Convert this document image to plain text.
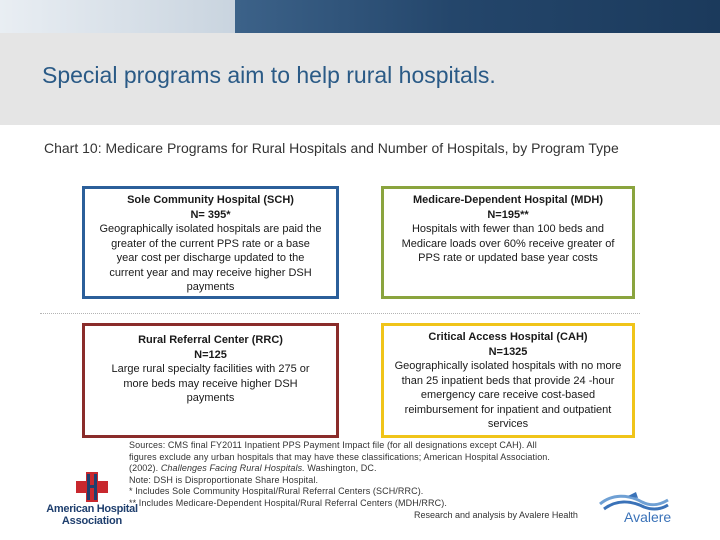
Special programs aim to help rural hospitals.
Chart 10: Medicare Programs for Rural Hospitals and Number of Hospitals, by Program Type
Sole Community Hospital (SCH)
N= 395*
Geographically isolated hospitals are paid the greater of the current PPS rate or a base year cost per discharge updated to the current year and may receive higher DSH payments
Medicare-Dependent Hospital (MDH)
N=195**
Hospitals with fewer than 100 beds and Medicare loads over 60% receive greater of PPS rate or updated base year costs
Rural Referral Center (RRC)
N=125
Large rural specialty facilities with 275 or more beds may receive higher DSH payments
Critical Access Hospital (CAH)
N=1325
Geographically isolated hospitals with no more than 25 inpatient beds that provide 24 -hour emergency care receive cost-based reimbursement for inpatient and outpatient services
Sources: CMS final FY2011 Inpatient PPS Payment Impact file (for all designations except CAH). All
figures exclude any urban hospitals that may have these classifications; American Hospital Association.
(2002). Challenges Facing Rural Hospitals. Washington, DC.
Note: DSH is Disproportionate Share Hospital.
* Includes Sole Community Hospital/Rural Referral Centers (SCH/RRC).
** Includes Medicare-Dependent Hospital/Rural Referral Centers (MDH/RRC).
Research and analysis by Avalere Health
American Hospital
Association	Avalere
